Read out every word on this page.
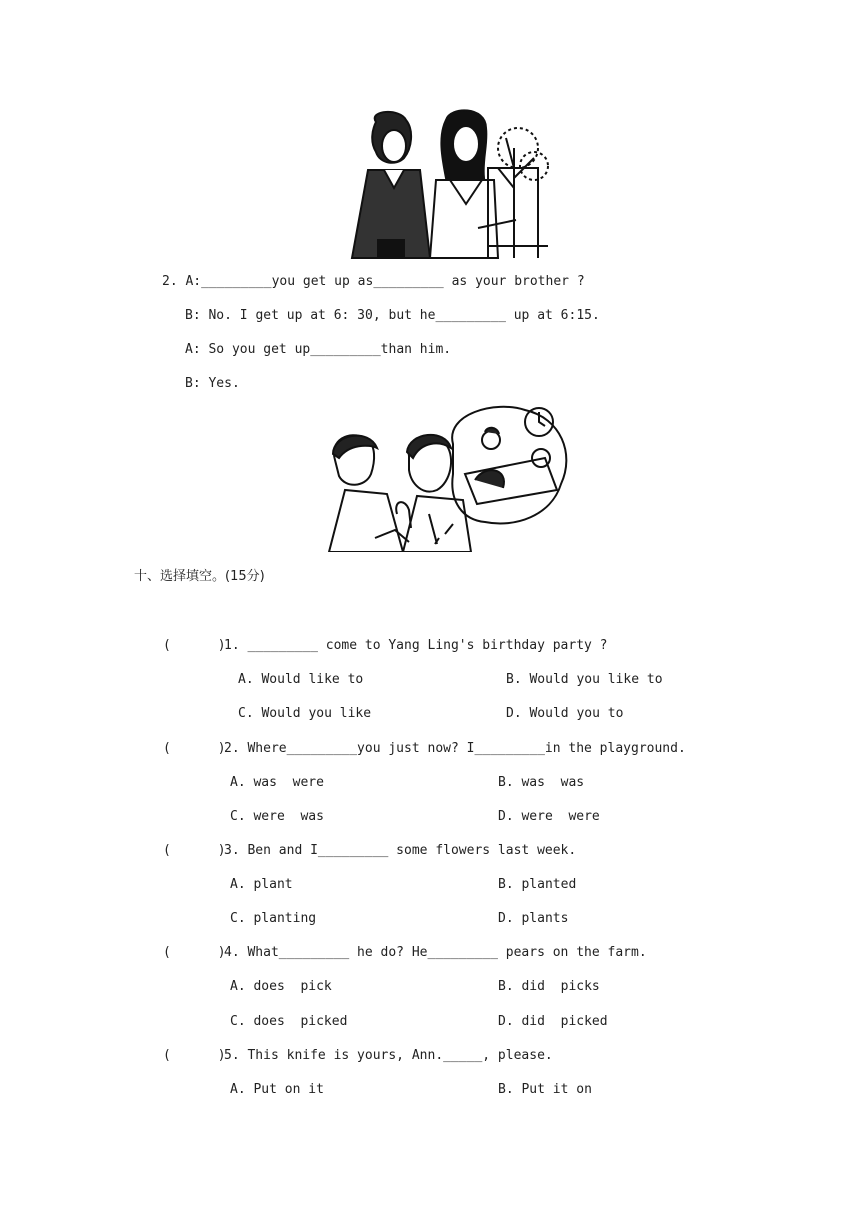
2. A:_________you get up as_________ as your brother ?
B: No. I get up at 6: 30, but he_________ up at 6:15.
A: So you get up_________than him.
B: Yes.
十、选择填空。(15分)
(      )
1. _________ come to Yang Ling's birthday party ?
A. Would like to	B. Would you like to
C. Would you like	D. Would you to
(      )
2. Where_________you just now? I_________in the playground.
A. was  were	B. was  was
C. were  was	D. were  were
(      )
3. Ben and I_________ some flowers last week.
A. plant	B. planted
C. planting	D. plants
(      )
4. What_________ he do? He_________ pears on the farm.
A. does  pick	B. did  picks
C. does  picked	D. did  picked
(      )
5. This knife is yours, Ann._____, please.
A. Put on it	B. Put it on
